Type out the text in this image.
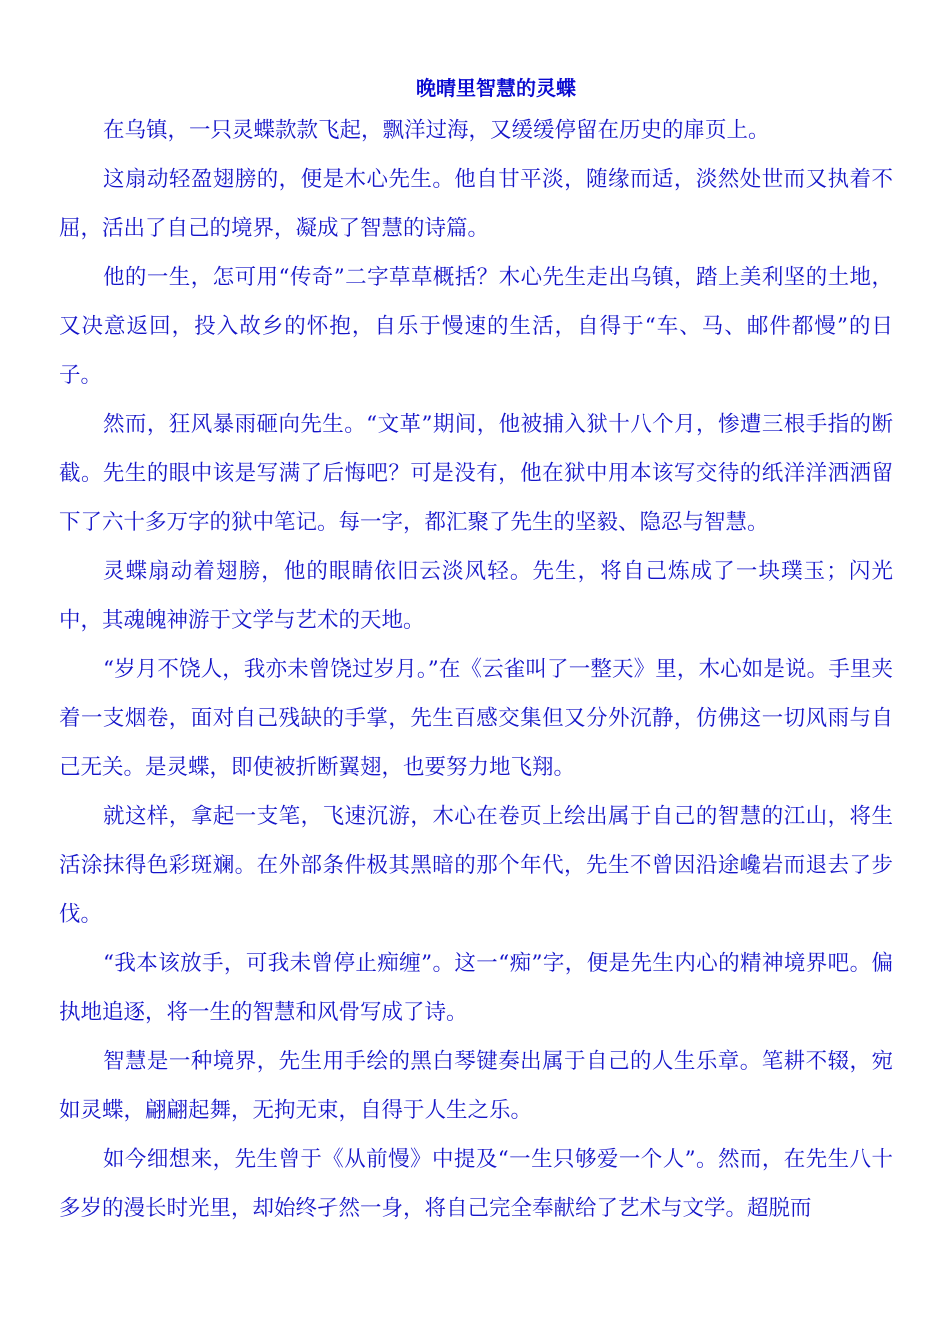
晚晴里智慧的灵蝶

在乌镇，一只灵蝶款款飞起，飘洋过海，又缓缓停留在历史的扉页上。

这扇动轻盈翅膀的，便是木心先生。他自甘平淡，随缘而适，淡然处世而又执着不屈，活出了自己的境界，凝成了智慧的诗篇。

他的一生，怎可用“传奇”二字草草概括？木心先生走出乌镇，踏上美利坚的土地，又决意返回，投入故乡的怀抱，自乐于慢速的生活，自得于“车、马、邮件都慢”的日子。

然而，狂风暴雨砸向先生。“文革”期间，他被捕入狱十八个月，惨遭三根手指的断截。先生的眼中该是写满了后悔吧？可是没有，他在狱中用本该写交待的纸洋洋洒洒留下了六十多万字的狱中笔记。每一字，都汇聚了先生的坚毅、隐忍与智慧。

灵蝶扇动着翅膀，他的眼睛依旧云淡风轻。先生，将自己炼成了一块璞玉；闪光中，其魂魄神游于文学与艺术的天地。

“岁月不饶人，我亦未曾饶过岁月。”在《云雀叫了一整天》里，木心如是说。手里夹着一支烟卷，面对自己残缺的手掌，先生百感交集但又分外沉静，仿佛这一切风雨与自己无关。是灵蝶，即使被折断翼翅，也要努力地飞翔。

就这样，拿起一支笔，飞速沉游，木心在卷页上绘出属于自己的智慧的江山，将生活涂抹得色彩斑斓。在外部条件极其黑暗的那个年代，先生不曾因沿途巉岩而退去了步伐。

“我本该放手，可我未曾停止痴缠”。这一“痴”字，便是先生内心的精神境界吧。偏执地追逐，将一生的智慧和风骨写成了诗。

智慧是一种境界，先生用手绘的黑白琴键奏出属于自己的人生乐章。笔耕不辍，宛如灵蝶，翩翩起舞，无拘无束，自得于人生之乐。

如今细想来，先生曾于《从前慢》中提及“一生只够爱一个人”。然而，在先生八十多岁的漫长时光里，却始终孑然一身，将自己完全奉献给了艺术与文学。超脱而
